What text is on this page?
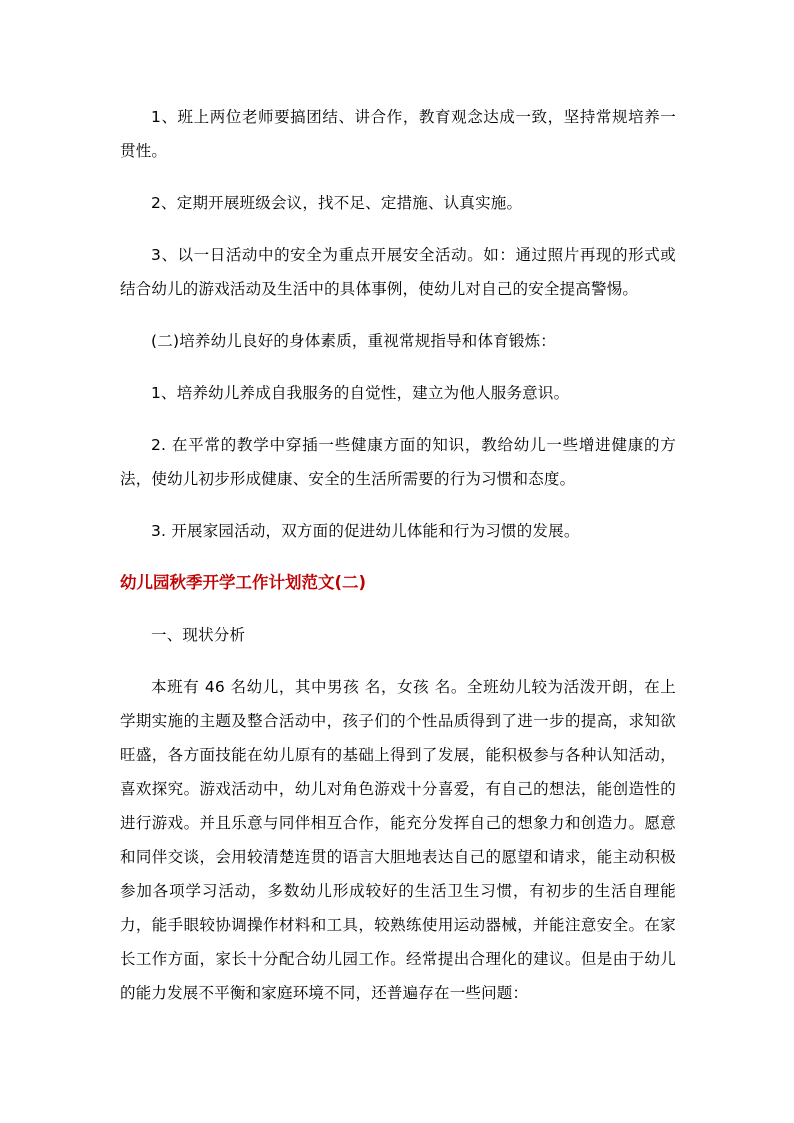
1、班上两位老师要搞团结、讲合作，教育观念达成一致，坚持常规培养一贯性。

2、定期开展班级会议，找不足、定措施、认真实施。

3、以一日活动中的安全为重点开展安全活动。如：通过照片再现的形式或结合幼儿的游戏活动及生活中的具体事例，使幼儿对自己的安全提高警惕。

(二)培养幼儿良好的身体素质，重视常规指导和体育锻炼：

1、培养幼儿养成自我服务的自觉性，建立为他人服务意识。

2. 在平常的教学中穿插一些健康方面的知识，教给幼儿一些增进健康的方法，使幼儿初步形成健康、安全的生活所需要的行为习惯和态度。

3. 开展家园活动，双方面的促进幼儿体能和行为习惯的发展。

幼儿园秋季开学工作计划范文(二)

一、现状分析

本班有 46 名幼儿，其中男孩 名，女孩 名。全班幼儿较为活泼开朗，在上学期实施的主题及整合活动中，孩子们的个性品质得到了进一步的提高，求知欲旺盛，各方面技能在幼儿原有的基础上得到了发展，能积极参与各种认知活动，喜欢探究。游戏活动中，幼儿对角色游戏十分喜爱，有自己的想法，能创造性的进行游戏。并且乐意与同伴相互合作，能充分发挥自己的想象力和创造力。愿意和同伴交谈，会用较清楚连贯的语言大胆地表达自己的愿望和请求，能主动积极参加各项学习活动，多数幼儿形成较好的生活卫生习惯，有初步的生活自理能力，能手眼较协调操作材料和工具，较熟练使用运动器械，并能注意安全。在家长工作方面，家长十分配合幼儿园工作。经常提出合理化的建议。但是由于幼儿的能力发展不平衡和家庭环境不同，还普遍存在一些问题：
